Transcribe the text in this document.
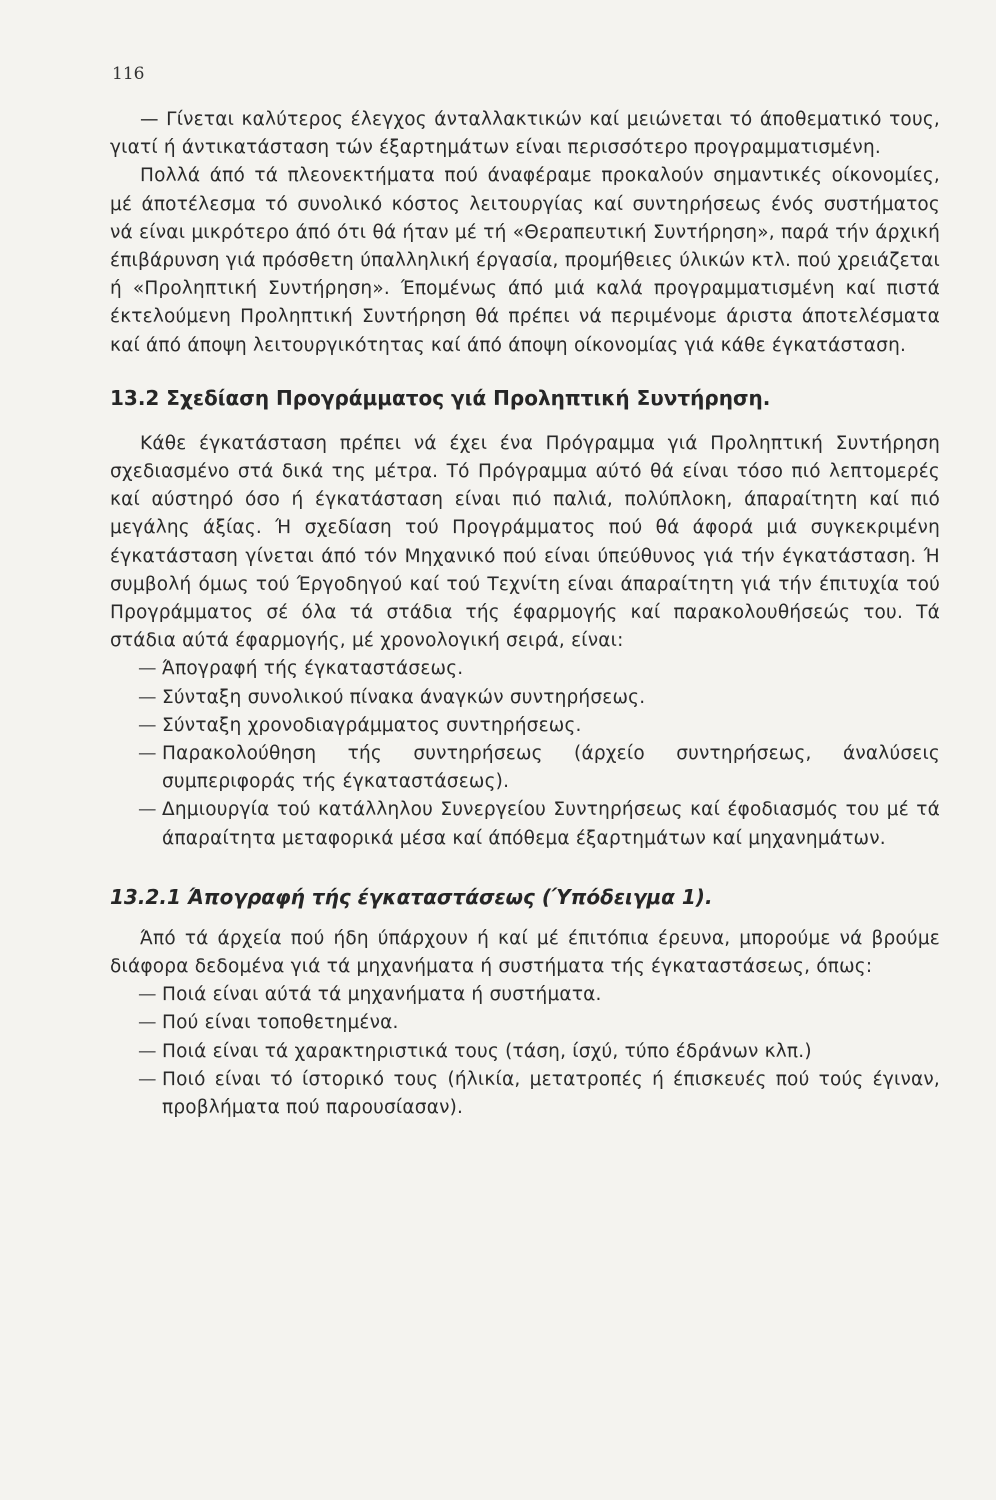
116

— Γίνεται καλύτερος έλεγχος άνταλλακτικών καί μειώνεται τό άποθεματικό τους, γιατί ή άντικατάσταση τών έξαρτημάτων είναι περισσότερο προγραμματισμένη.

Πολλά άπό τά πλεονεκτήματα πού άναφέραμε προκαλούν σημαντικές οίκονομίες, μέ άποτέλεσμα τό συνολικό κόστος λειτουργίας καί συντηρήσεως ένός συστήματος νά είναι μικρότερο άπό ότι θά ήταν μέ τή «Θεραπευτική Συντήρηση», παρά τήν άρχική έπιβάρυνση γιά πρόσθετη ύπαλληλική έργασία, προμήθειες ύλικών κτλ. πού χρειάζεται ή «Προληπτική Συντήρηση». Έπομένως άπό μιά καλά προγραμματισμένη καί πιστά έκτελούμενη Προληπτική Συντήρηση θά πρέπει νά περιμένομε άριστα άποτελέσματα καί άπό άποψη λειτουργικότητας καί άπό άποψη οίκονομίας γιά κάθε έγκατάσταση.

13.2 Σχεδίαση Προγράμματος γιά Προληπτική Συντήρηση.

Κάθε έγκατάσταση πρέπει νά έχει ένα Πρόγραμμα γιά Προληπτική Συντήρηση σχεδιασμένο στά δικά της μέτρα. Τό Πρόγραμμα αύτό θά είναι τόσο πιό λεπτομερές καί αύστηρό όσο ή έγκατάσταση είναι πιό παλιά, πολύπλοκη, άπαραίτητη καί πιό μεγάλης άξίας. Ή σχεδίαση τού Προγράμματος πού θά άφορά μιά συγκεκριμένη έγκατάσταση γίνεται άπό τόν Μηχανικό πού είναι ύπεύθυνος γιά τήν έγκατάσταση. Ή συμβολή όμως τού Έργοδηγού καί τού Τεχνίτη είναι άπαραίτητη γιά τήν έπιτυχία τού Προγράμματος σέ όλα τά στάδια τής έφαρμογής καί παρακολουθήσεώς του. Τά στάδια αύτά έφαρμογής, μέ χρονολογική σειρά, είναι:

— Άπογραφή τής έγκαταστάσεως.
— Σύνταξη συνολικού πίνακα άναγκών συντηρήσεως.
— Σύνταξη χρονοδιαγράμματος συντηρήσεως.
— Παρακολούθηση τής συντηρήσεως (άρχείο συντηρήσεως, άναλύσεις συμπεριφοράς τής έγκαταστάσεως).
— Δημιουργία τού κατάλληλου Συνεργείου Συντηρήσεως καί έφοδιασμός του μέ τά άπαραίτητα μεταφορικά μέσα καί άπόθεμα έξαρτημάτων καί μηχανημάτων.
13.2.1 Άπογραφή τής έγκαταστάσεως (Ύπόδειγμα 1).

Άπό τά άρχεία πού ήδη ύπάρχουν ή καί μέ έπιτόπια έρευνα, μπορούμε νά βρούμε διάφορα δεδομένα γιά τά μηχανήματα ή συστήματα τής έγκαταστάσεως, όπως:

— Ποιά είναι αύτά τά μηχανήματα ή συστήματα.
— Πού είναι τοποθετημένα.
— Ποιά είναι τά χαρακτηριστικά τους (τάση, ίσχύ, τύπο έδράνων κλπ.)
— Ποιό είναι τό ίστορικό τους (ήλικία, μετατροπές ή έπισκευές πού τούς έγιναν, προβλήματα πού παρουσίασαν).
